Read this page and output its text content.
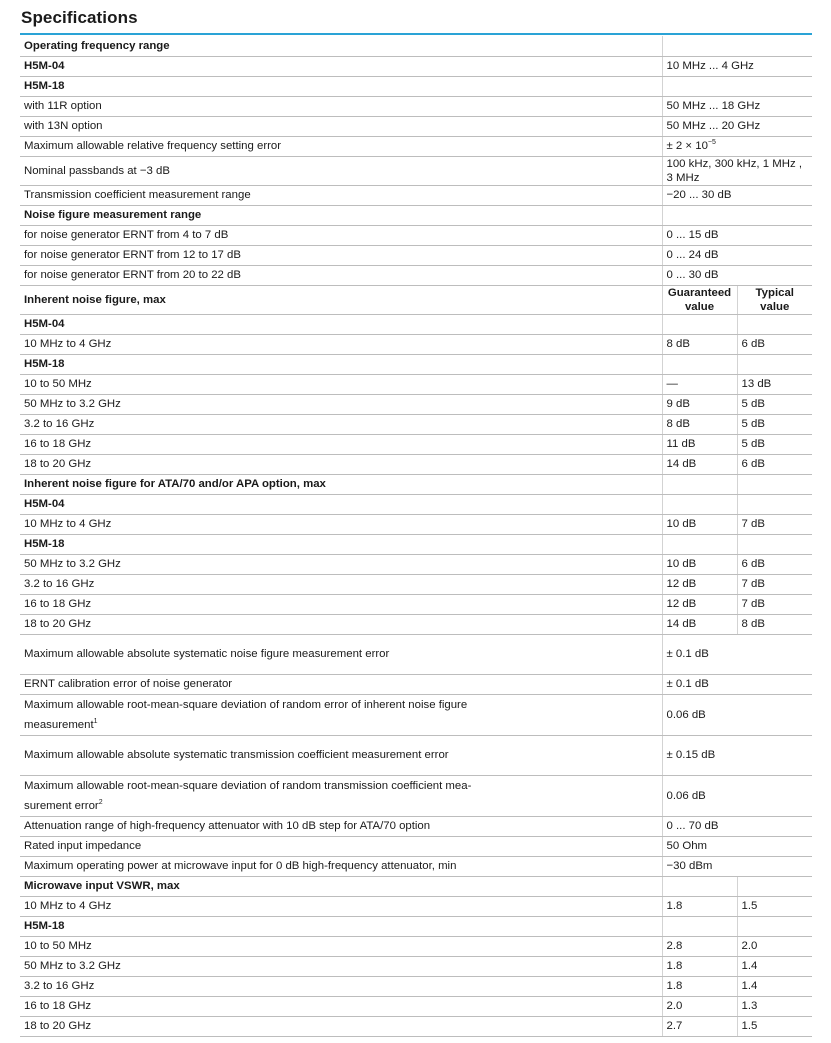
Specifications
Operating frequency range		
H5M-04	10 MHz ... 4 GHz	
H5M-18		
with 11R option	50 MHz ... 18 GHz	
with 13N option	50 MHz ... 20 GHz	
Maximum allowable relative frequency setting error	± $2 \times 10^{-5}$
Nominal passbands at −3 dB	100 kHz, 300 kHz, 1 MHz , 3 MHz	
Transmission coefficient measurement range	−20 ... 30 dB	
Noise figure measurement range		
for noise generator ERNT from 4 to 7 dB	0 ... 15 dB	
for noise generator ERNT from 12 to 17 dB	0 ... 24 dB	
for noise generator ERNT from 20 to 22 dB	0 ... 30 dB	
Inherent noise figure, max	Guaranteed value	Typical value
H5M-04		
10 MHz to 4 GHz	8 dB	6 dB
H5M-18		
10 to 50 MHz	—	13 dB
50 MHz to 3.2 GHz	9 dB	5 dB
3.2 to 16 GHz	8 dB	5 dB
16 to 18 GHz	11 dB	5 dB
18 to 20 GHz	14 dB	6 dB
Inherent noise figure for ATA/70 and/or APA option, max		
H5M-04		
10 MHz to 4 GHz	10 dB	7 dB
H5M-18		
50 MHz to 3.2 GHz	10 dB	6 dB
3.2 to 16 GHz	12 dB	7 dB
16 to 18 GHz	12 dB	7 dB
18 to 20 GHz	14 dB	8 dB
Maximum allowable absolute systematic noise figure measurement error	± 0.1 dB	
ERNT calibration error of noise generator	± 0.1 dB	
Maximum allowable root-mean-square deviation of random error of inherent noise figure
measurement$^1$	0.06 dB	
Maximum allowable absolute systematic transmission coefficient measurement error	± 0.15 dB	
Maximum allowable root-mean-square deviation of random transmission coefficient mea-
surement error$^2$	0.06 dB	
Attenuation range of high-frequency attenuator with 10 dB step for ATA/70 option	0 ... 70 dB	
Rated input impedance	50 Ohm	
Maximum operating power at microwave input for 0 dB high-frequency attenuator, min	−30 dBm	
Microwave input VSWR, max		
10 MHz to 4 GHz	1.8	1.5
H5M-18		
10 to 50 MHz	2.8	2.0
50 MHz to 3.2 GHz	1.8	1.4
3.2 to 16 GHz	1.8	1.4
16 to 18 GHz	2.0	1.3
18 to 20 GHz	2.7	1.5
